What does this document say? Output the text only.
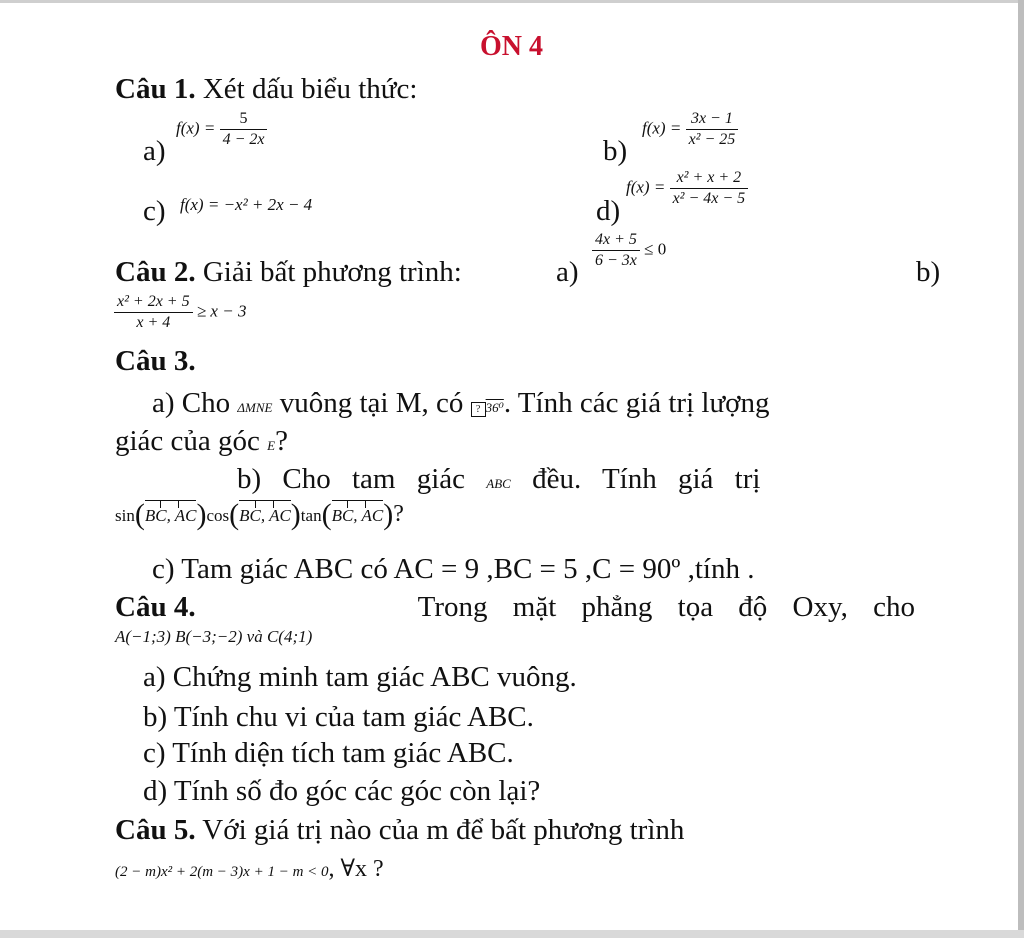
ÔN 4
Câu 1. Xét dấu biểu thức:
a)
$f(x) = \frac{5}{4 - 2x}$
b)
$f(x) = \frac{3x - 1}{\text{x² − 25}}$
c) f(x) = −x² + 2x − 4	d)
$f(x) = \frac{\text{x² + x + 2}}{\text{x² − 4x − 5}}$
Câu 2. Giải bất phương trình:	a)
$\frac{4x + 5}{6 - 3x} \le 0$
b)
$\frac{\text{x² + 2x + 5}}{x + 4} \ge x - 3$
Câu 3.
a) Cho ΔMNE vuông tại M, có ? 36⁰. Tính các giá trị lượng
giác của góc E?
b) Cho tam giác ABC đều. Tính giá trị
sin(
BC, AC)cos(
BC, AC)tan(
BC, AC)?
c) Tam giác ABC có AC = 9 ,BC = 5 ,C = 90º ,tính .
Câu 4.	Trong mặt phẳng tọa độ Oxy, cho
A(−1;3) B(−3;−2) và C(4;1)
a) Chứng minh tam giác ABC vuông.
b) Tính chu vi của tam giác ABC.
c) Tính diện tích tam giác ABC.
d) Tính số đo góc các góc còn lại?
Câu 5. Với giá trị nào của m để bất phương trình
(2 − m)x² + 2(m − 3)x + 1 − m < 0, ∀x ?
